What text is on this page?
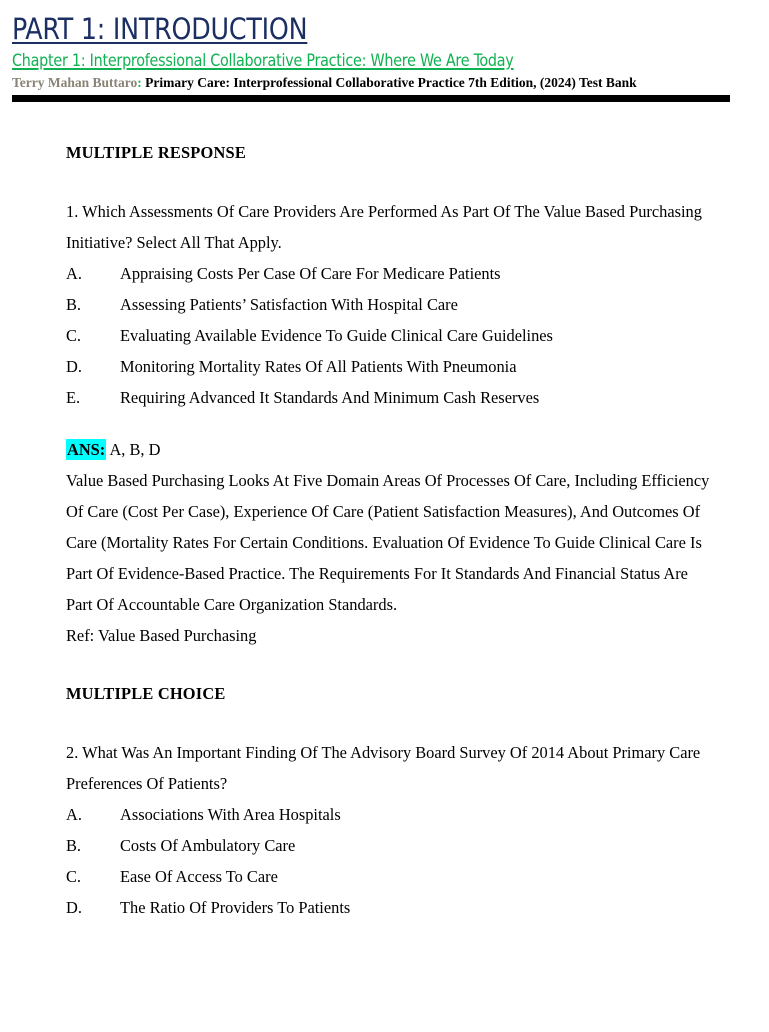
PART 1: INTRODUCTION Chapter 1: Interprofessional Collaborative Practice: Where We Are Today
Terry Mahan Buttaro: Primary Care: Interprofessional Collaborative Practice 7th Edition, (2024) Test Bank
MULTIPLE RESPONSE
1. Which Assessments Of Care Providers Are Performed As Part Of The Value Based Purchasing Initiative? Select All That Apply.
A.	Appraising Costs Per Case Of Care For Medicare Patients
B.	Assessing Patients’ Satisfaction With Hospital Care
C.	Evaluating Available Evidence To Guide Clinical Care Guidelines
D.	Monitoring Mortality Rates Of All Patients With Pneumonia
E.	Requiring Advanced It Standards And Minimum Cash Reserves
ANS: A, B, D
Value Based Purchasing Looks At Five Domain Areas Of Processes Of Care, Including Efficiency Of Care (Cost Per Case), Experience Of Care (Patient Satisfaction Measures), And Outcomes Of Care (Mortality Rates For Certain Conditions. Evaluation Of Evidence To Guide Clinical Care Is Part Of Evidence-Based Practice. The Requirements For It Standards And Financial Status Are Part Of Accountable Care Organization Standards.
Ref: Value Based Purchasing
MULTIPLE CHOICE
2. What Was An Important Finding Of The Advisory Board Survey Of 2014 About Primary Care Preferences Of Patients?
A.	Associations With Area Hospitals
B.	Costs Of Ambulatory Care
C.	Ease Of Access To Care
D.	The Ratio Of Providers To Patients
